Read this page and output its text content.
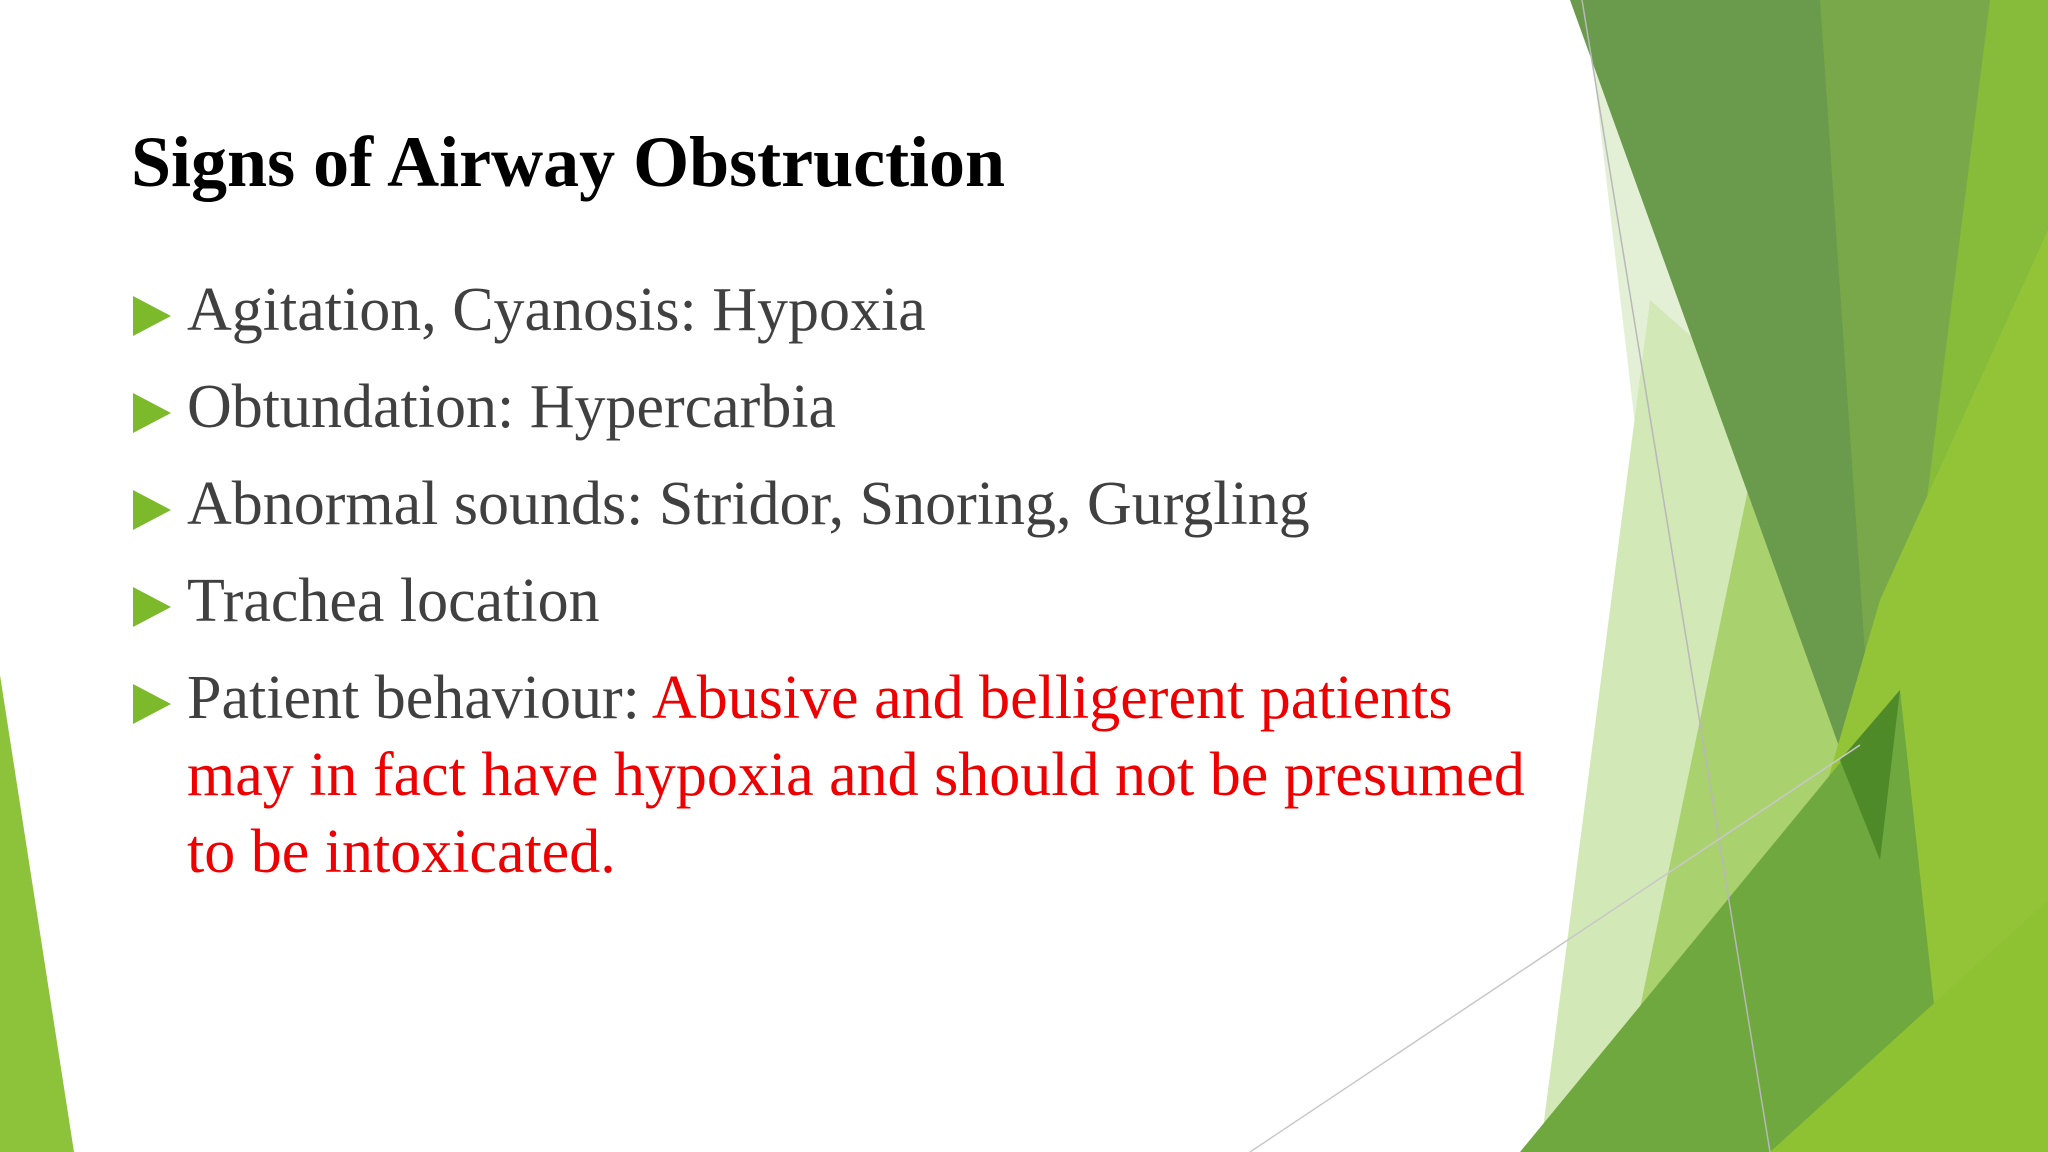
Signs of Airway Obstruction
Agitation, Cyanosis: Hypoxia
Obtundation: Hypercarbia
Abnormal sounds: Stridor, Snoring, Gurgling
Trachea location
Patient behaviour: Abusive and belligerent patients may in fact have hypoxia and should not be presumed to be intoxicated.
